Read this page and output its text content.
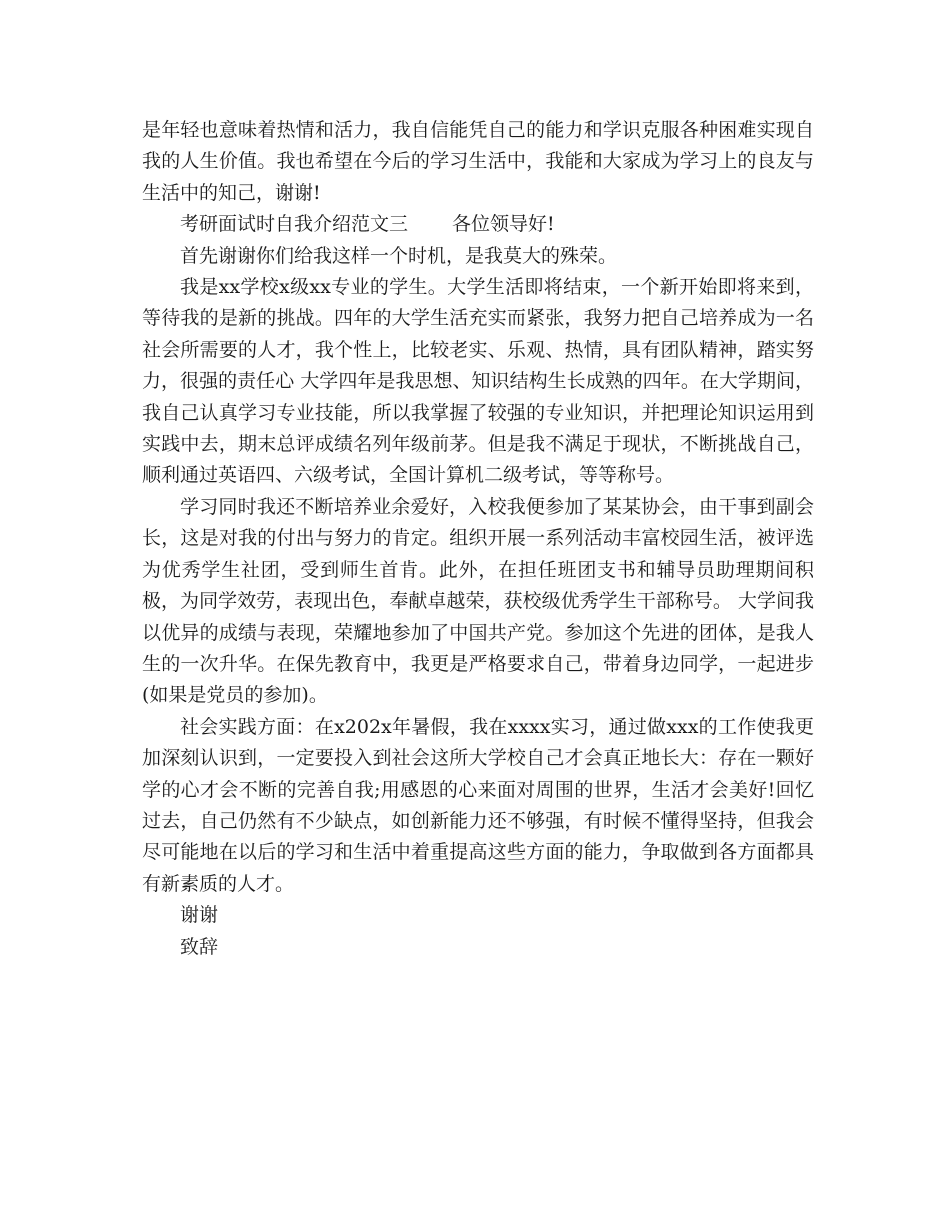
是年轻也意味着热情和活力，我自信能凭自己的能力和学识克服各种困难实现自我的人生价值。我也希望在今后的学习生活中，我能和大家成为学习上的良友与生活中的知己，谢谢!

考研面试时自我介绍范文三 各位领导好!

首先谢谢你们给我这样一个时机，是我莫大的殊荣。

我是xx学校x级xx专业的学生。大学生活即将结束，一个新开始即将来到，等待我的是新的挑战。四年的大学生活充实而紧张，我努力把自己培养成为一名社会所需要的人才，我个性上，比较老实、乐观、热情，具有团队精神，踏实努力，很强的责任心 大学四年是我思想、知识结构生长成熟的四年。在大学期间，我自己认真学习专业技能，所以我掌握了较强的专业知识，并把理论知识运用到实践中去，期末总评成绩名列年级前茅。但是我不满足于现状，不断挑战自己，顺利通过英语四、六级考试，全国计算机二级考试，等等称号。

学习同时我还不断培养业余爱好，入校我便参加了某某协会，由干事到副会长，这是对我的付出与努力的肯定。组织开展一系列活动丰富校园生活，被评选为优秀学生社团，受到师生首肯。此外，在担任班团支书和辅导员助理期间积极，为同学效劳，表现出色，奉献卓越荣，获校级优秀学生干部称号。 大学间我以优异的成绩与表现，荣耀地参加了中国共产党。参加这个先进的团体，是我人生的一次升华。在保先教育中，我更是严格要求自己，带着身边同学，一起进步(如果是党员的参加)。

社会实践方面：在x202x年暑假，我在xxxx实习，通过做xxx的工作使我更加深刻认识到，一定要投入到社会这所大学校自己才会真正地长大：存在一颗好学的心才会不断的完善自我;用感恩的心来面对周围的世界，生活才会美好!回忆过去，自己仍然有不少缺点，如创新能力还不够强，有时候不懂得坚持，但我会尽可能地在以后的学习和生活中着重提高这些方面的能力，争取做到各方面都具有新素质的人才。

谢谢

致辞
